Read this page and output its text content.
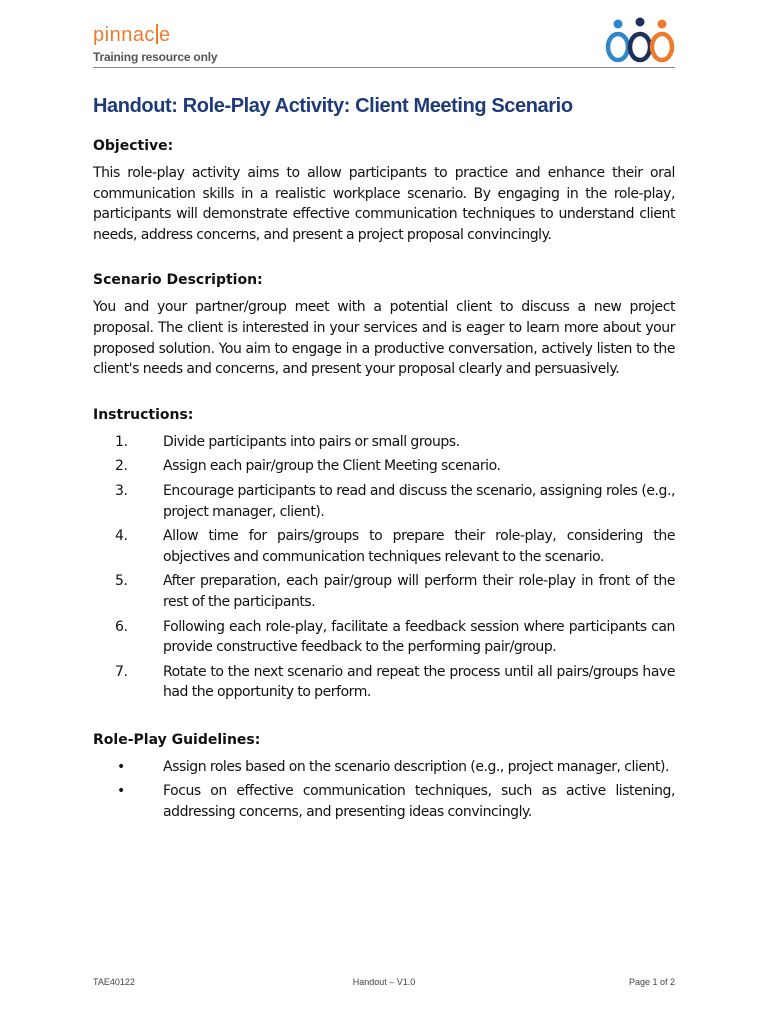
pinnac e
Training resource only
Handout: Role-Play Activity: Client Meeting Scenario

Objective:

This role-play activity aims to allow participants to practice and enhance their oral communication skills in a realistic workplace scenario. By engaging in the role-play, participants will demonstrate effective communication techniques to understand client needs, address concerns, and present a project proposal convincingly.

Scenario Description:

You and your partner/group meet with a potential client to discuss a new project proposal. The client is interested in your services and is eager to learn more about your proposed solution. You aim to engage in a productive conversation, actively listen to the client's needs and concerns, and present your proposal clearly and persuasively.

Instructions:

1.	Divide participants into pairs or small groups.
2.	Assign each pair/group the Client Meeting scenario.
3.	Encourage participants to read and discuss the scenario, assigning roles (e.g., project manager, client).
4.	Allow time for pairs/groups to prepare their role-play, considering the objectives and communication techniques relevant to the scenario.
5.	After preparation, each pair/group will perform their role-play in front of the rest of the participants.
6.	Following each role-play, facilitate a feedback session where participants can provide constructive feedback to the performing pair/group.
7.	Rotate to the next scenario and repeat the process until all pairs/groups have had the opportunity to perform.

Role-Play Guidelines:

•	Assign roles based on the scenario description (e.g., project manager, client).
•	Focus on effective communication techniques, such as active listening, addressing concerns, and presenting ideas convincingly.
TAE40122	Handout – V1.0	Page 1 of 2
